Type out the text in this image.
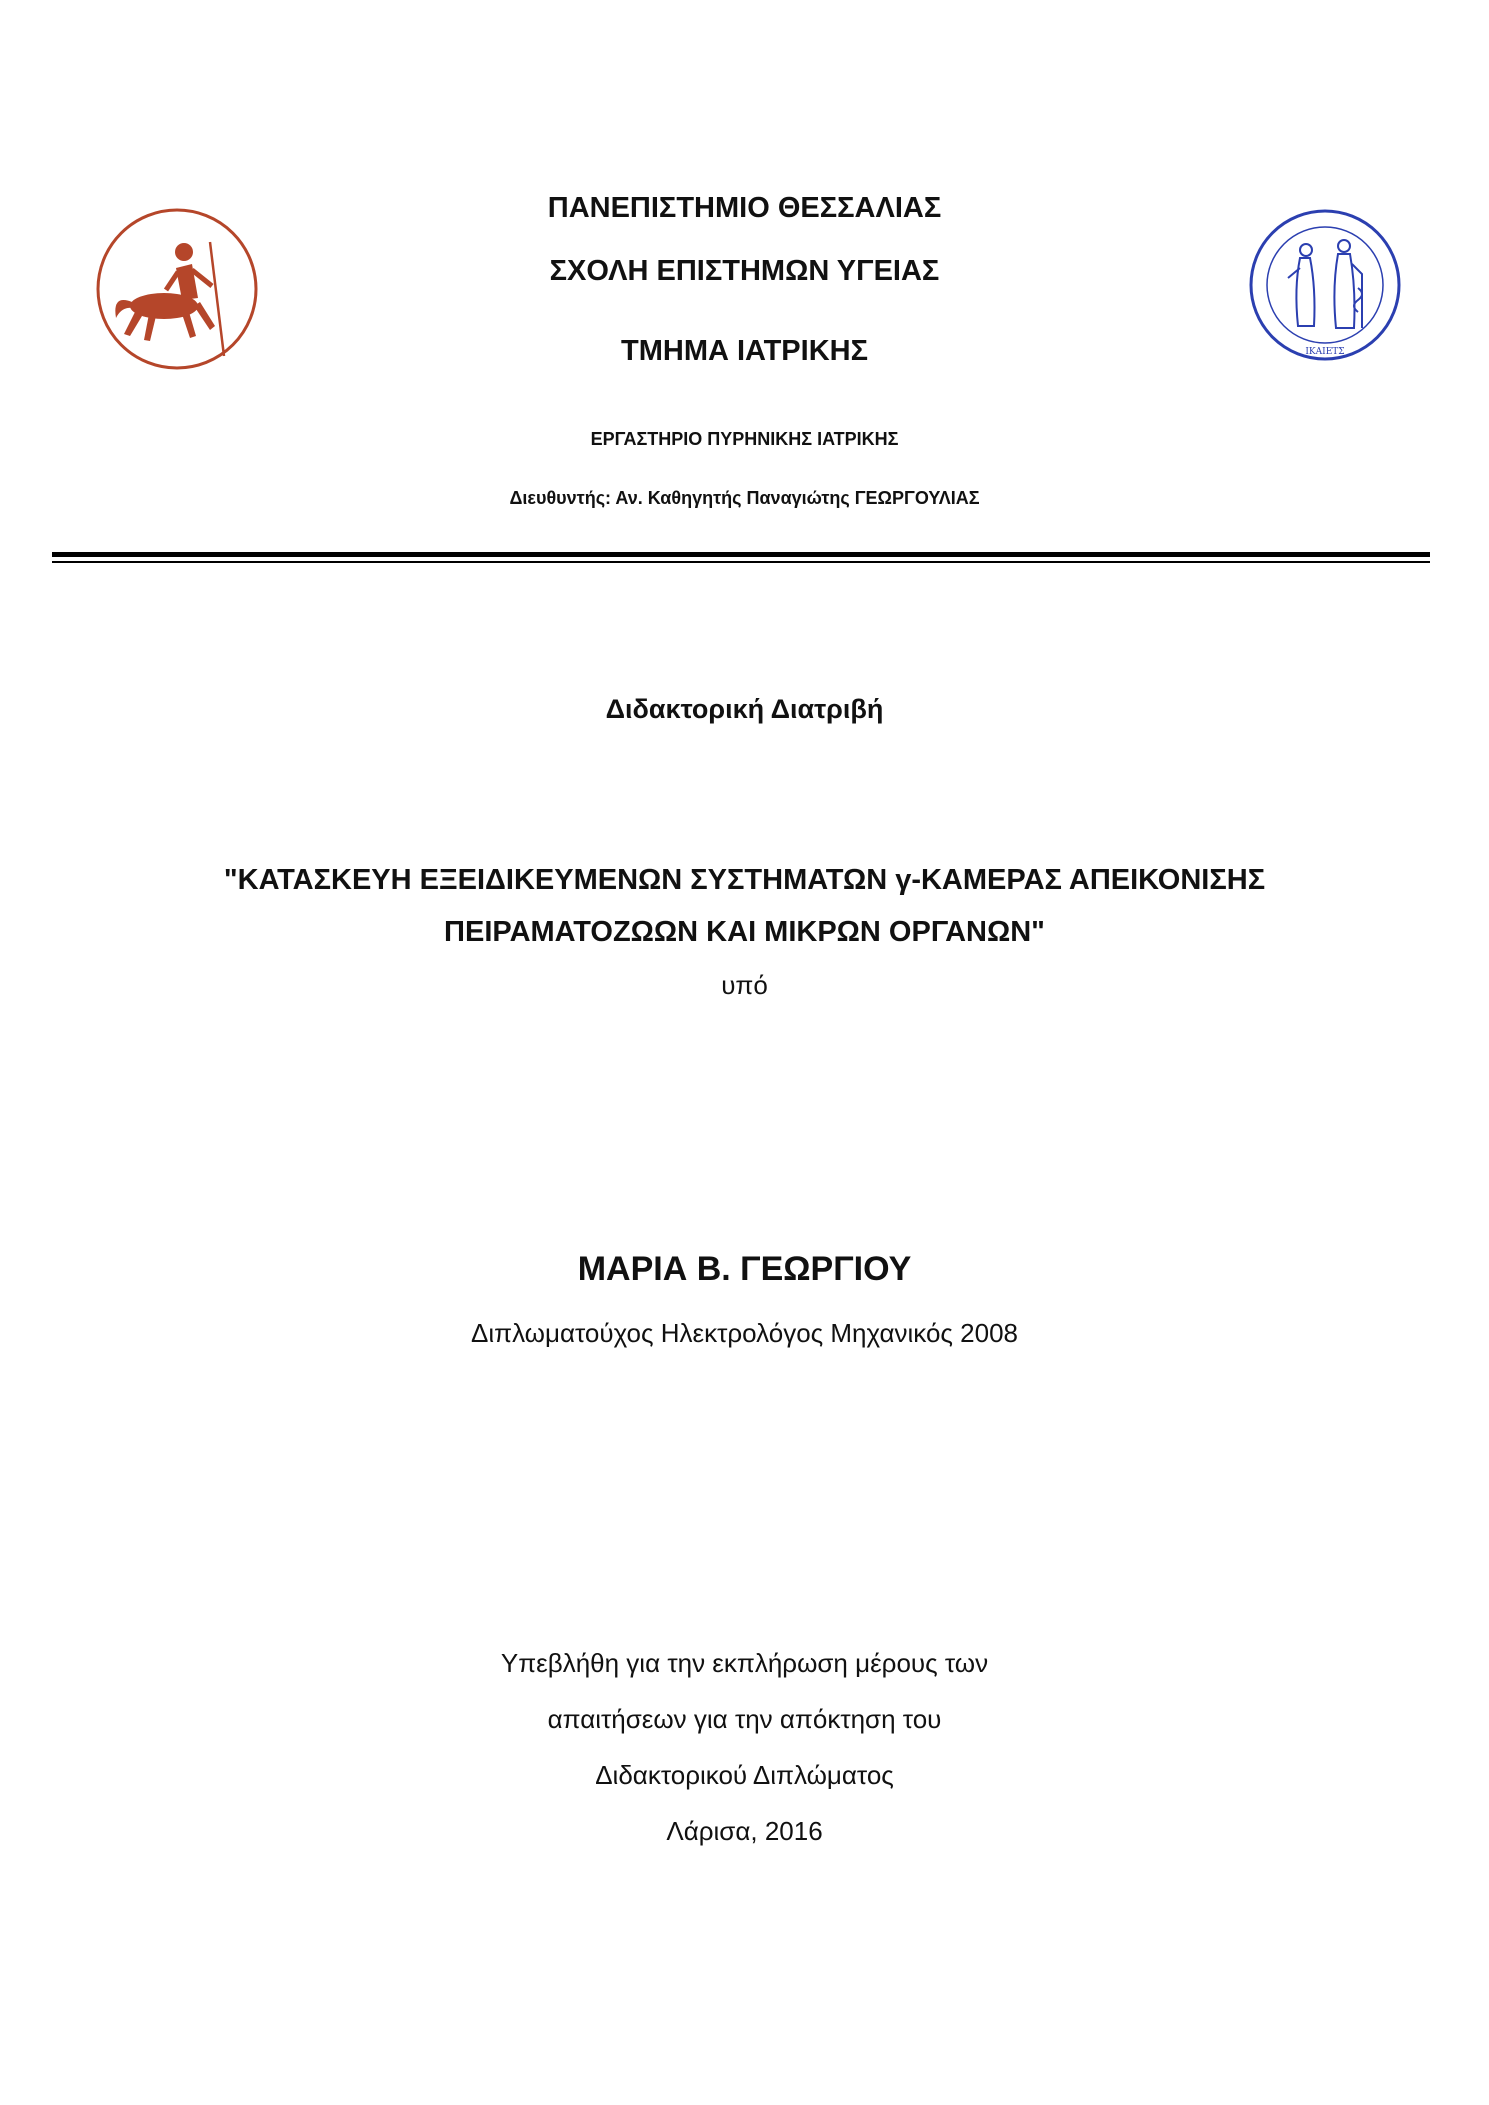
ΙΚΑΙΕΤΣ
ΠΑΝΕΠΙΣΤΗΜΙΟ ΘΕΣΣΑΛΙΑΣ
ΣΧΟΛΗ ΕΠΙΣΤΗΜΩΝ ΥΓΕΙΑΣ
ΤΜΗΜΑ ΙΑΤΡΙΚΗΣ
ΕΡΓΑΣΤΗΡΙΟ ΠΥΡΗΝΙΚΗΣ ΙΑΤΡΙΚΗΣ
Διευθυντής: Αν. Καθηγητής Παναγιώτης ΓΕΩΡΓΟΥΛΙΑΣ
Διδακτορική Διατριβή
"ΚΑΤΑΣΚΕΥΗ ΕΞΕΙΔΙΚΕΥΜΕΝΩΝ ΣΥΣΤΗΜΑΤΩΝ γ-ΚΑΜΕΡΑΣ ΑΠΕΙΚΟΝΙΣΗΣ
ΠΕΙΡΑΜΑΤΟΖΩΩΝ ΚΑΙ ΜΙΚΡΩΝ ΟΡΓΑΝΩΝ"
υπό
ΜΑΡΙΑ Β. ΓΕΩΡΓΙΟΥ
Διπλωματούχος Ηλεκτρολόγος Μηχανικός 2008
Υπεβλήθη για την εκπλήρωση μέρους των
απαιτήσεων για την απόκτηση του
Διδακτορικού Διπλώματος
Λάρισα, 2016
